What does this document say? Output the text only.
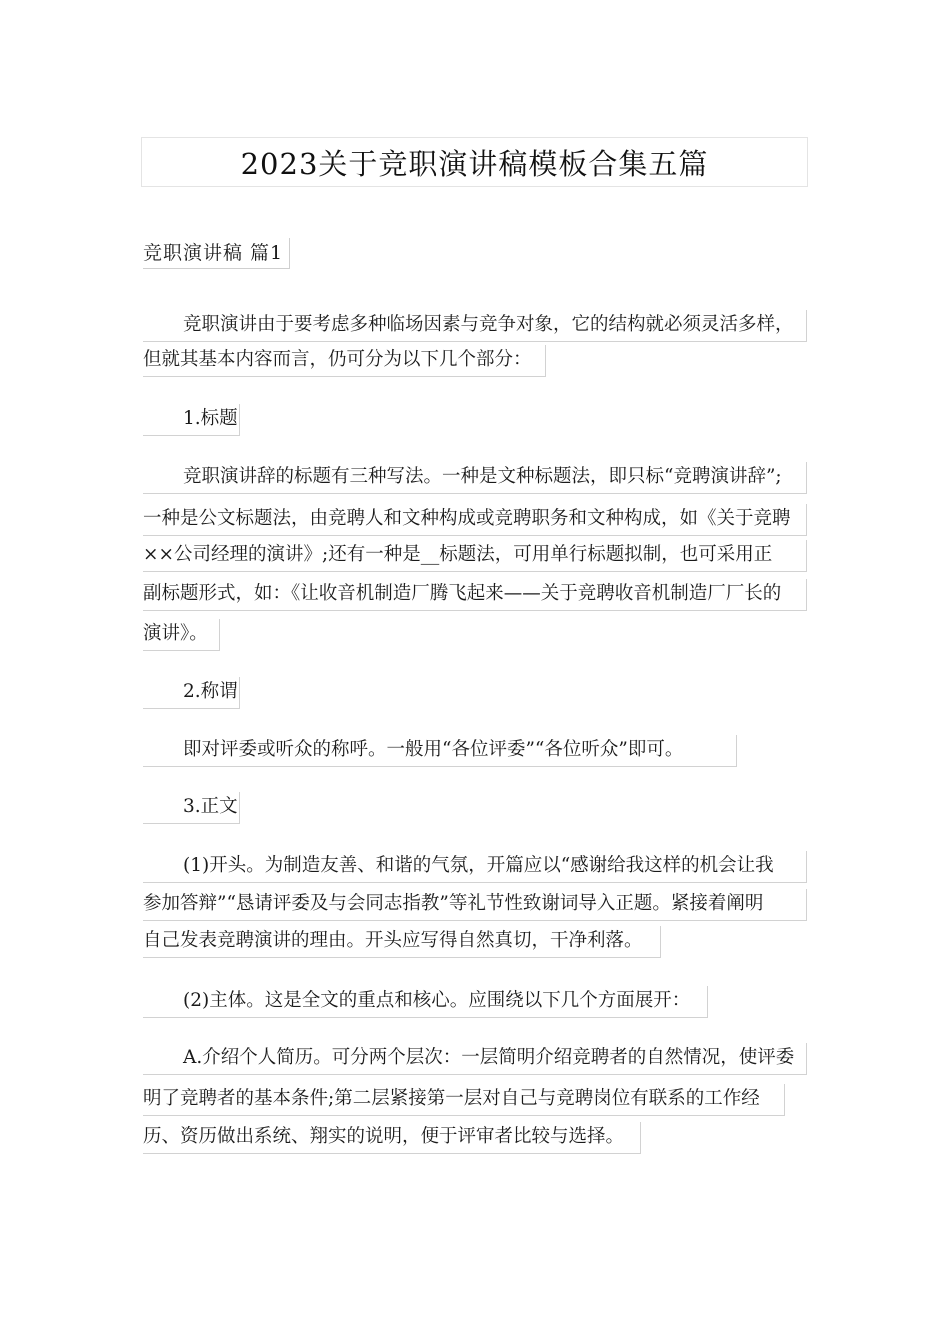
2023关于竞职演讲稿模板合集五篇
竞职演讲稿 篇1
竞职演讲由于要考虑多种临场因素与竞争对象，它的结构就必须灵活多样，
但就其基本内容而言，仍可分为以下几个部分：
1.标题
竞职演讲辞的标题有三种写法。一种是文种标题法，即只标“竞聘演讲辞”;
一种是公文标题法，由竞聘人和文种构成或竞聘职务和文种构成，如《关于竞聘
××公司经理的演讲》;还有一种是__标题法，可用单行标题拟制，也可采用正
副标题形式，如：《让收音机制造厂腾飞起来——关于竞聘收音机制造厂厂长的
演讲》。
2.称谓
即对评委或听众的称呼。一般用“各位评委”“各位听众”即可。
3.正文
(1)开头。为制造友善、和谐的气氛，开篇应以“感谢给我这样的机会让我
参加答辩”“恳请评委及与会同志指教”等礼节性致谢词导入正题。紧接着阐明
自己发表竞聘演讲的理由。开头应写得自然真切，干净利落。
(2)主体。这是全文的重点和核心。应围绕以下几个方面展开：
A.介绍个人简历。可分两个层次：一层简明介绍竞聘者的自然情况，使评委
明了竞聘者的基本条件;第二层紧接第一层对自己与竞聘岗位有联系的工作经
历、资历做出系统、翔实的说明，便于评审者比较与选择。
